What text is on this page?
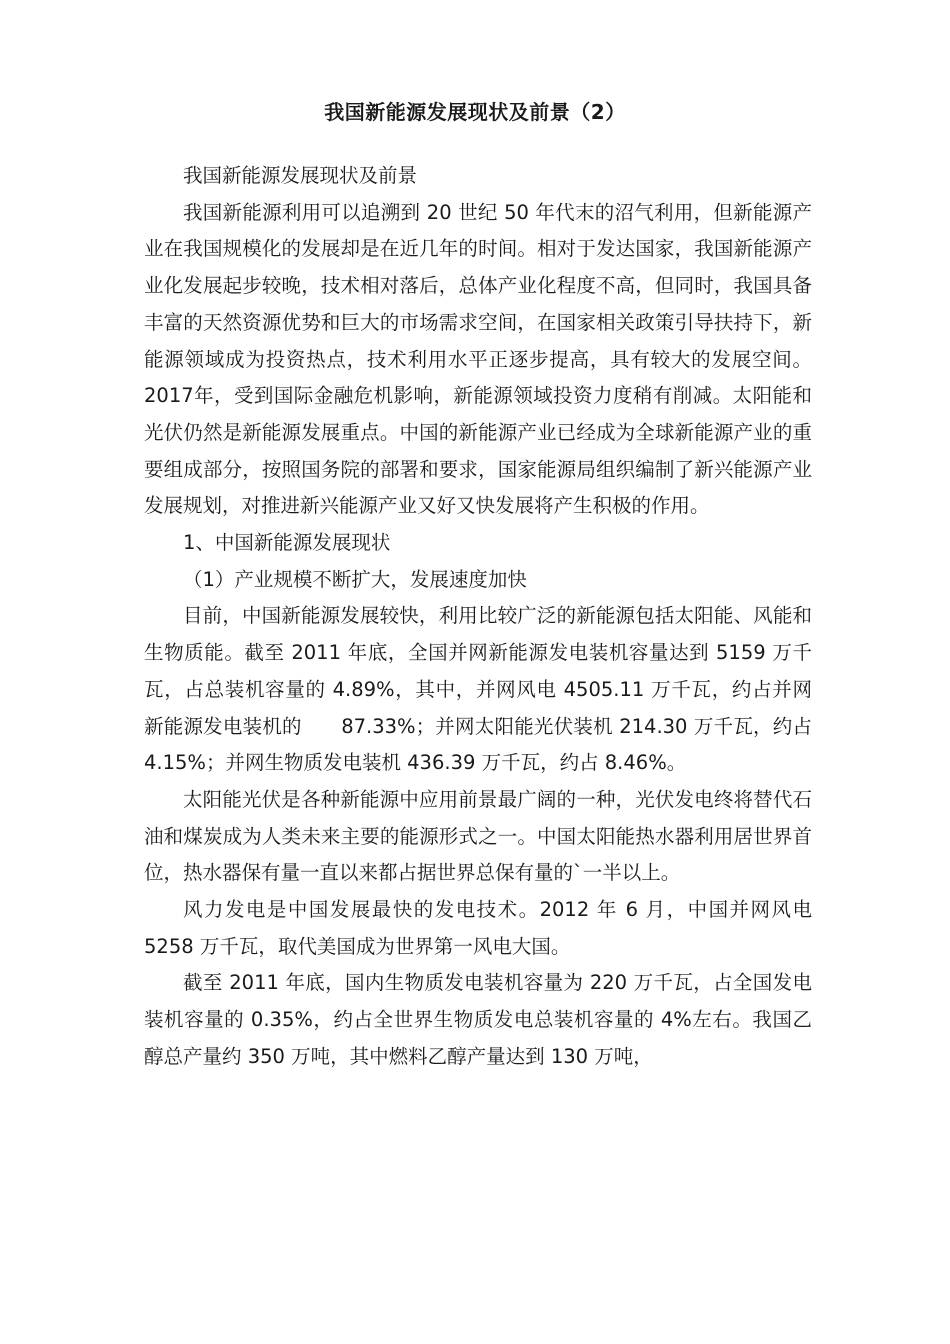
我国新能源发展现状及前景（2）

我国新能源发展现状及前景

我国新能源利用可以追溯到 20 世纪 50 年代末的沼气利用，但新能源产业在我国规模化的发展却是在近几年的时间。相对于发达国家，我国新能源产业化发展起步较晚，技术相对落后，总体产业化程度不高，但同时，我国具备丰富的天然资源优势和巨大的市场需求空间，在国家相关政策引导扶持下，新能源领域成为投资热点，技术利用水平正逐步提高，具有较大的发展空间。 2017年，受到国际金融危机影响，新能源领域投资力度稍有削减。太阳能和光伏仍然是新能源发展重点。中国的新能源产业已经成为全球新能源产业的重要组成部分，按照国务院的部署和要求，国家能源局组织编制了新兴能源产业发展规划，对推进新兴能源产业又好又快发展将产生积极的作用。

1、中国新能源发展现状

（1）产业规模不断扩大，发展速度加快

目前，中国新能源发展较快，利用比较广泛的新能源包括太阳能、风能和生物质能。截至 2011 年底，全国并网新能源发电装机容量达到 5159 万千瓦，占总装机容量的 4.89%，其中，并网风电 4505.11 万千瓦，约占并网新能源发电装机的　　87.33%；并网太阳能光伏装机 214.30 万千瓦，约占 4.15%；并网生物质发电装机 436.39 万千瓦，约占 8.46%。

太阳能光伏是各种新能源中应用前景最广阔的一种，光伏发电终将替代石油和煤炭成为人类未来主要的能源形式之一。中国太阳能热水器利用居世界首位，热水器保有量一直以来都占据世界总保有量的`一半以上。

风力发电是中国发展最快的发电技术。2012 年 6 月，中国并网风电 5258 万千瓦，取代美国成为世界第一风电大国。

截至 2011 年底，国内生物质发电装机容量为 220 万千瓦，占全国发电装机容量的 0.35%，约占全世界生物质发电总装机容量的 4%左右。我国乙醇总产量约 350 万吨，其中燃料乙醇产量达到 130 万吨，
